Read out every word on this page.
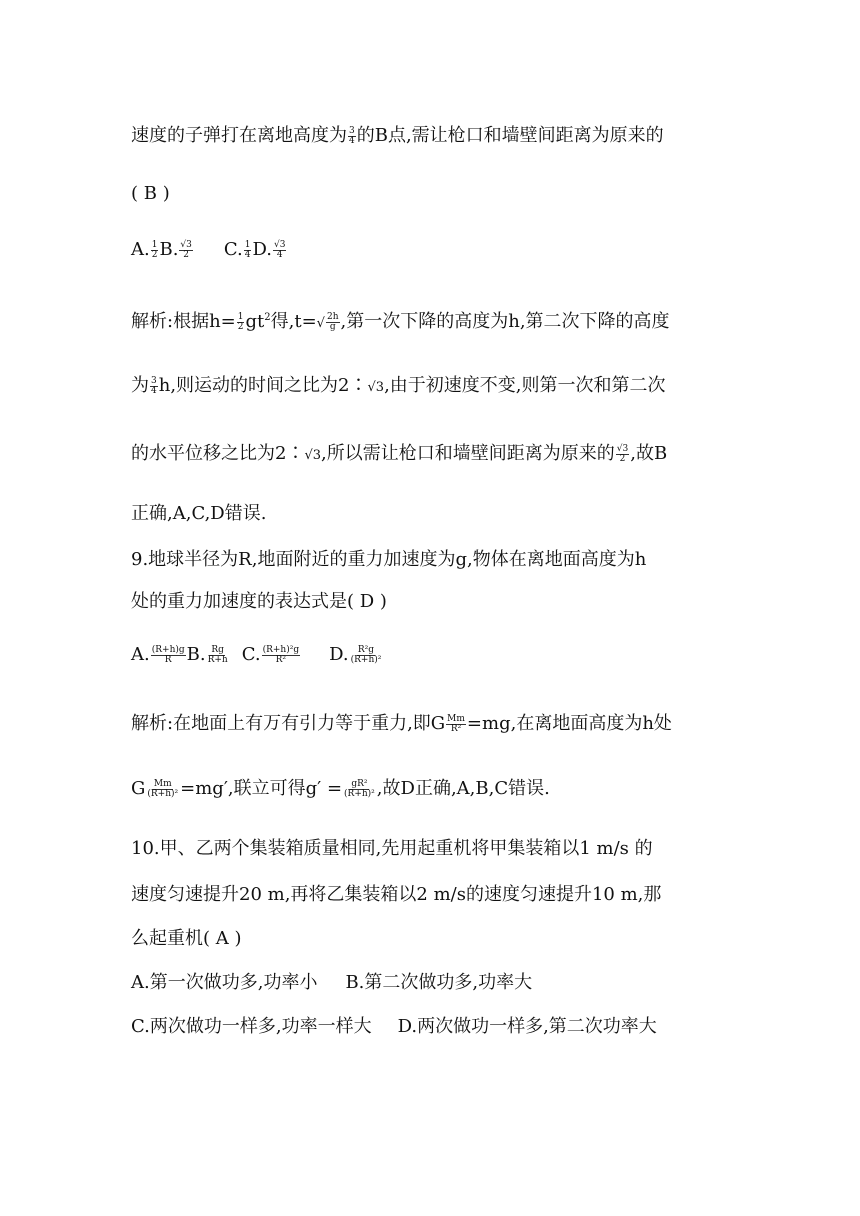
速度的子弹打在离地高度为 $\frac{3}{4}$ 的B点,需让枪口和墙壁间距离为原来的
( B )
A. $\frac{1}{2} B$. $\frac{√3}{2} C$. $\frac{1}{4} D$. $\frac{√3}{4}$
解析:根据$h= \frac{1}{2} gt^2$得$,t=√ \frac{2h}{g}$ ,第一次下降的高度为h,第二次下降的高度
为 $\frac{3}{4} h$,则运动的时间之比为2∶√3,由于初速度不变,则第一次和第二次
的水平位移之比为2∶√3,所以需让枪口和墙壁间距离为原来的 $\frac{√3}{2}$ ,故B
正确,A,C,D错误.
9.地球半径为R,地面附近的重力加速度为g,物体在离地面高度为h
处的重力加速度的表达式是( D )
A. $\frac{(R+h)g}{R} B$. $\frac{Rg}{R+h} C$. $\frac{\text{(R+h)²g}}{\text{R²}} D$. $\frac{\text{R²g}}{\text{(R+h)²}}$
解析:在地面上有万有引力等于重力,即G $\frac{Mm}{\text{R²}} =mg$,在离地面高度为h处
G $\frac{Mm}{\text{(R+h)²}} =mg'$,联立可得$g' = \frac{\text{gR²}}{\text{(R+h)²}}$ ,故D正确,A,B,C错误.
10.甲、乙两个集装箱质量相同,先用起重机将甲集装箱以1 m/s 的
速度匀速提升20 m,再将乙集装箱以2 m/s的速度匀速提升10 m,那
么起重机( A )
A.第一次做功多,功率小 B.第二次做功多,功率大
C.两次做功一样多,功率一样大 D.两次做功一样多,第二次功率大
